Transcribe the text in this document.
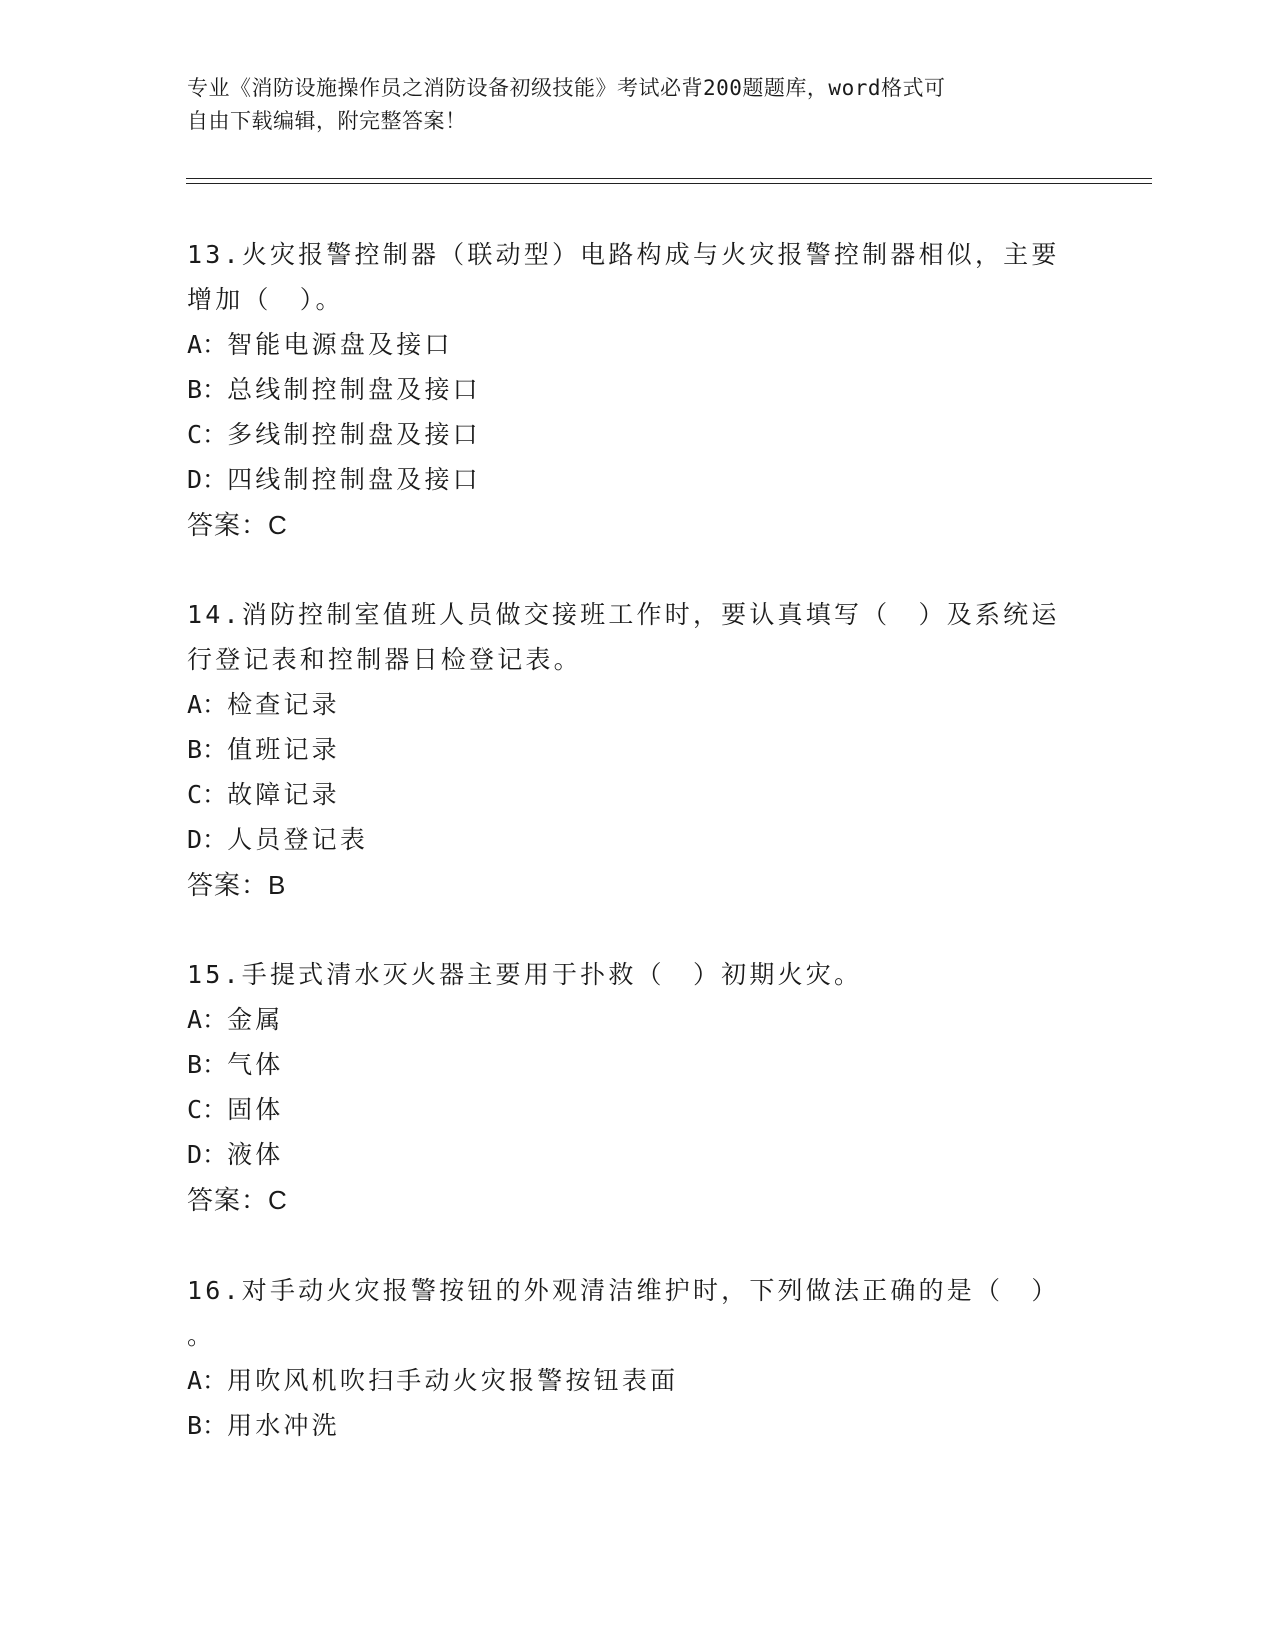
专业《消防设施操作员之消防设备初级技能》考试必背200题题库，word格式可
自由下载编辑，附完整答案！

13.火灾报警控制器（联动型）电路构成与火灾报警控制器相似，主要

增加（　）。

A：智能电源盘及接口

B：总线制控制盘及接口

C：多线制控制盘及接口

D：四线制控制盘及接口

答案：C

14.消防控制室值班人员做交接班工作时，要认真填写（　）及系统运

行登记表和控制器日检登记表。

A：检查记录

B：值班记录

C：故障记录

D：人员登记表

答案：B

15.手提式清水灭火器主要用于扑救（　）初期火灾。

A：金属

B：气体

C：固体

D：液体

答案：C

16.对手动火灾报警按钮的外观清洁维护时，下列做法正确的是（　）

。

A：用吹风机吹扫手动火灾报警按钮表面

B：用水冲洗
